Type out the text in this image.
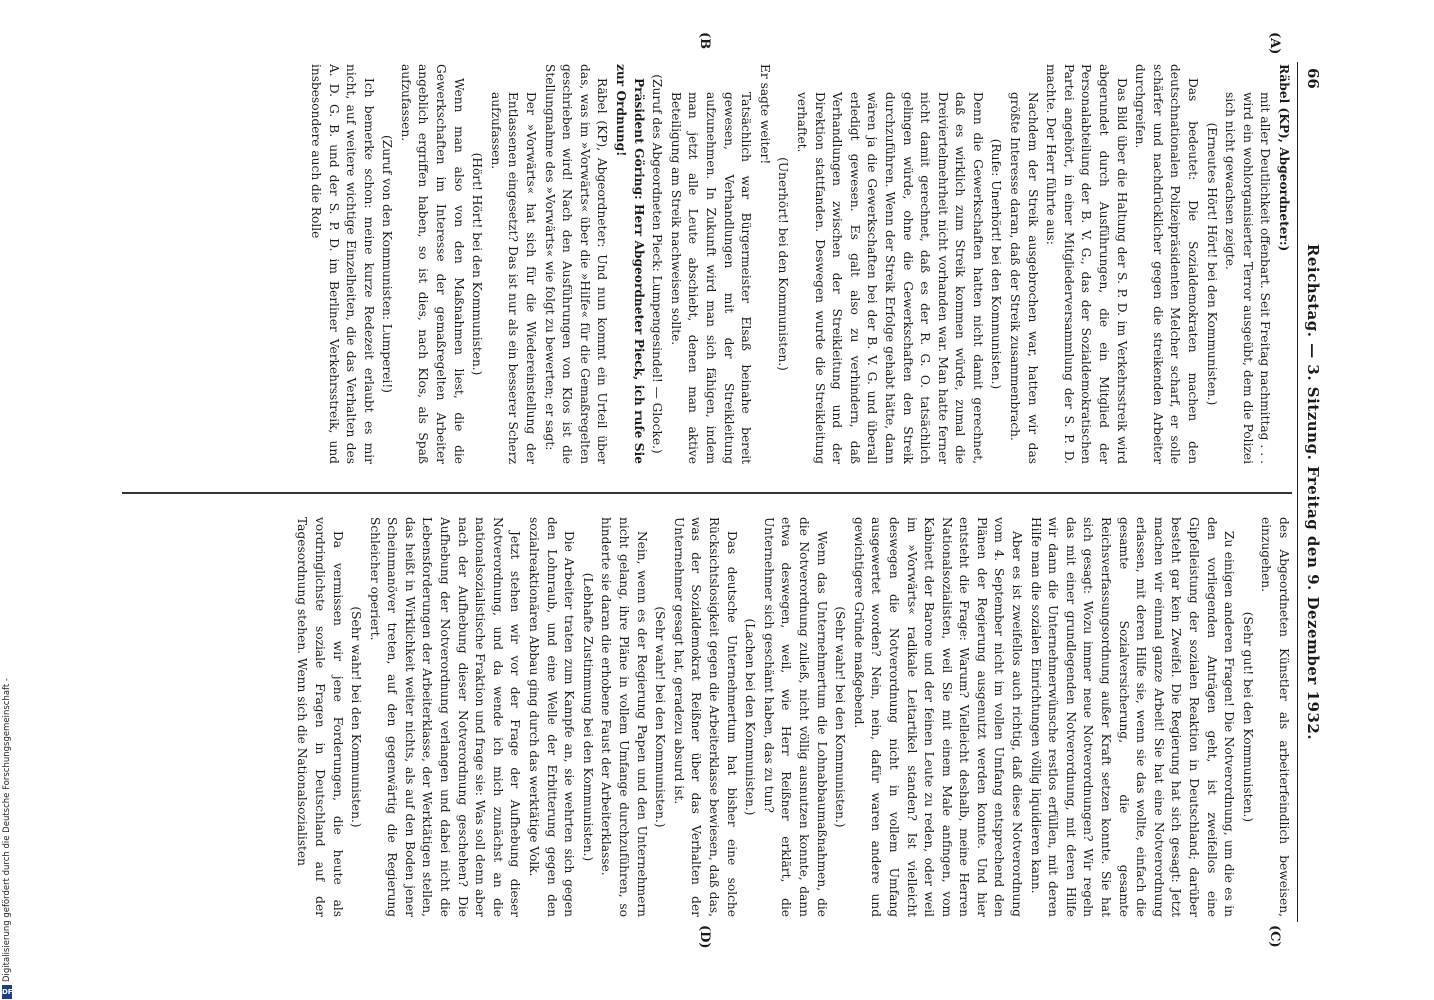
66
Reichstag. — 3. Sitzung. Freitag den 9. Dezember 1932.
(A)
(B
(C)
(D)

Räbel (KP), Abgeordneter:)

mit aller Deutlichkeit offenbart. Seit Freitag nachmittag . . . wird ein wohlorganisierter Terror ausgeübt, dem die Polizei sich nicht gewachsen zeigte.

(Erneutes Hört! Hört! bei den Kommunisten.)

Das bedeutet: Die Sozialdemokraten machen den deutschnationalen Polizeipräsidenten Melcher scharf, er solle schärfer und nachdrücklicher gegen die streikenden Arbeiter durchgreifen.

Das Bild über die Haltung der S. P. D. im Verkehrsstreik wird abgerundet durch Ausführungen, die ein Mitglied der Personalabteilung der B. V. G., das der Sozialdemokratischen Partei angehört, in einer Mitgliederversammlung der S. P. D. machte. Der Herr führte aus:

Nachdem der Streik ausgebrochen war, hatten wir das größte Interesse daran, daß der Streik zusammenbrach.

(Rufe: Unerhört! bei den Kommunisten.)

Denn die Gewerkschaften hatten nicht damit gerechnet, daß es wirklich zum Streik kommen würde, zumal die Dreiviertelmehrheit nicht vorhanden war. Man hatte ferner nicht damit gerechnet, daß es der R. G. O. tatsächlich gelingen würde, ohne die Gewerkschaften den Streik durchzuführen. Wenn der Streik Erfolge gehabt hätte, dann wären ja die Gewerkschaften bei der B. V. G. und überall erledigt gewesen. Es galt also zu verhindern, daß Verhandlungen zwischen der Streikleitung und der Direktion stattfanden. Deswegen wurde die Streikleitung verhaftet.

(Unerhört! bei den Kommunisten.)

Er sagte weiter!

Tatsächlich war Bürgermeister Elsaß beinahe bereit gewesen, Verhandlungen mit der Streikleitung aufzunehmen. In Zukunft wird man sich fähigen, indem man jetzt alle Leute abschiebt, denen man aktive Beteiligung am Streik nachweisen sollte.

(Zuruf des Abgeordneten Pieck: Lumpengesindel! — Glocke.)

Präsident Göring: Herr Abgeordneter Pieck, ich rufe Sie zur Ordnung!

Räbel (KP), Abgeordneter: Und nun kommt ein Urteil über das, was im »Vorwärts« über die »Hilfe« für die Gemaßregelten geschrieben wird! Nach den Ausführungen von Klos ist die Stellungnahme des »Vorwärts« wie folgt zu bewerten; er sagt:

Der »Vorwärts« hat sich für die Wiedereinstellung der Entlassenen eingesetzt? Das ist nur als ein besserer Scherz aufzufassen.

(Hört! Hört! bei den Kommunisten.)

Wenn man also von den Maßnahmen liest, die die Gewerkschaften im Interesse der gemaßregelten Arbeiter angeblich ergriffen haben, so ist dies, nach Klos, als Spaß aufzufassen.

(Zuruf von den Kommunisten: Lumperei!)

Ich bemerke schon: meine kurze Redezeit erlaubt es mir nicht, auf weitere wichtige Einzelheiten, die das Verhalten des A. D. G. B. und der S. P. D. im Berliner Verkehrsstreik, und insbesondere auch die Rolle

des Abgeordneten Künstler als arbeiterfeindlich beweisen, einzugehen.

(Sehr gut! bei den Kommunisten.)

Zu einigen anderen Fragen! Die Notverordnung, um die es in den vorliegenden Anträgen geht, ist zweifellos eine Gipfelleistung der sozialen Reaktion in Deutschland; darüber besteht gar kein Zweifel. Die Regierung hat sich gesagt: Jetzt machen wir einmal ganze Arbeit! Sie hat eine Notverordnung erlassen, mit deren Hilfe sie, wenn sie das wollte, einfach die gesamte Sozialversicherung, die gesamte Reichsverfassungsordnung außer Kraft setzen konnte. Sie hat sich gesagt: Wozu immer neue Notverordnungen? Wir regeln das mit einer grundlegenden Notverordnung, mit deren Hilfe wir dann die Unternehmerwünsche restlos erfüllen, mit deren Hilfe man die sozialen Einrichtungen völlig liquidieren kann.

Aber es ist zweifellos auch richtig, daß diese Notverordnung vom 4. September nicht im vollen Umfang entsprechend den Plänen der Regierung ausgenutzt werden konnte. Und hier entsteht die Frage: Warum? Vielleicht deshalb, meine Herren Nationalsozialisten, weil Sie mit einem Male anfingen, vom Kabinett der Barone und der feinen Leute zu reden, oder weil im »Vorwärts« radikale Leitartikel standen? Ist vielleicht deswegen die Notverordnung nicht in vollem Umfang ausgewertet worden? Nein, nein, dafür waren andere und gewichtigere Gründe maßgebend.

(Sehr wahr! bei den Kommunisten.)

Wenn das Unternehmertum die Lohnabbaumaßnahmen, die die Notverordnung zuließ, nicht völlig ausnutzen konnte, dann etwa deswegen, weil, wie Herr Reißner erklärt, die Unternehmer sich geschämt haben, das zu tun?

(Lachen bei den Kommunisten.)

Das deutsche Unternehmertum hat bisher eine solche Rücksichtslosigkeit gegen die Arbeiterklasse bewiesen, daß das, was der Sozialdemokrat Reißner über das Verhalten der Unternehmer gesagt hat, geradezu absurd ist.

(Sehr wahr! bei den Kommunisten.)

Nein, wenn es der Regierung Papen und den Unternehmern nicht gelang, ihre Pläne in vollem Umfange durchzuführen, so hinderte sie daran die erhobene Faust der Arbeiterklasse.

(Lebhafte Zustimmung bei den Kommunisten.)

Die Arbeiter traten zum Kampfe an, sie wehrten sich gegen den Lohnraub, und eine Welle der Erbitterung gegen den sozialreaktionären Abbau ging durch das werktätige Volk.

Jetzt stehen wir vor der Frage der Aufhebung dieser Notverordnung, und da wende ich mich zunächst an die nationalsozialistische Fraktion und frage sie: Was soll denn aber nach der Aufhebung dieser Notverordnung geschehen? Die Aufhebung der Notverordnung verlangen und dabei nicht die Lebensforderungen der Arbeiterklasse, der Werktätigen stellen, das heißt in Wirklichkeit weiter nichts, als auf den Boden jener Scheinmanöver treten, auf den gegenwärtig die Regierung Schleicher operiert.

(Sehr wahr! bei den Kommunisten.)

Da vermissen wir jene Forderungen, die heute als vordringlichste soziale Fragen in Deutschland auf der Tagesordnung stehen. Wenn sich die Nationalsozialisten

Digitalisierung gefördert durch die Deutsche Forschungsgemeinschaft -
DFG
